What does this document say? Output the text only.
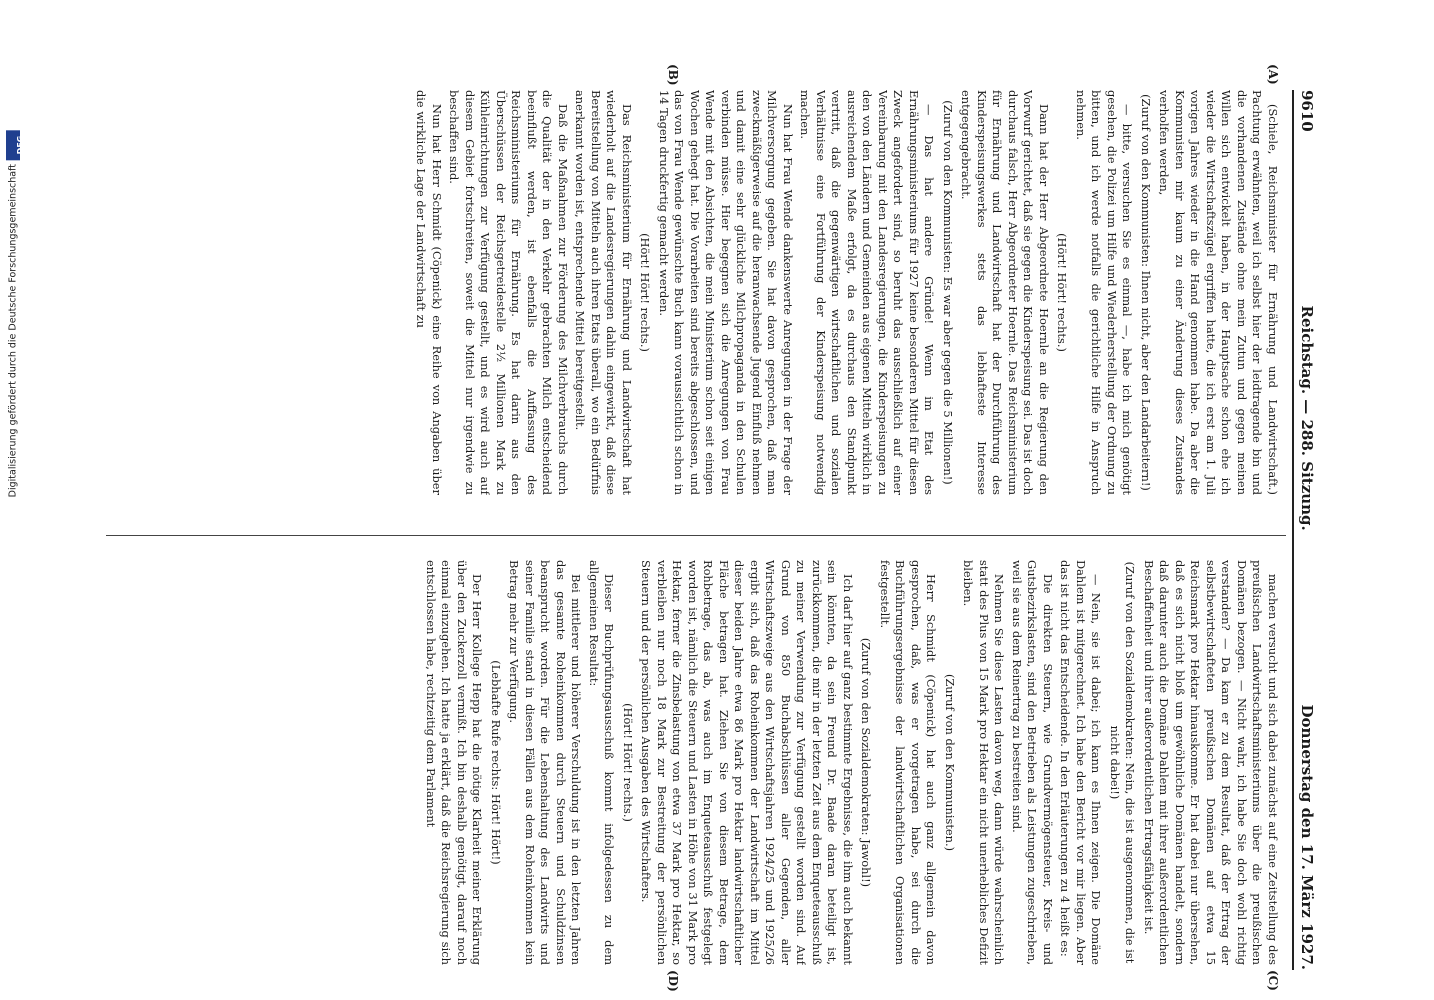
9610
Reichstag. — 288. Sitzung.
Donnerstag den 17. März 1927.
(A)
(B)
(C)
(D)

(Schiele, Reichsminister für Ernährung und Landwirtschaft.) Pachtung erwähnten, weil ich selbst hier der leidtragende bin und die vorhandenen Zustände ohne mein Zutun und gegen meinen Willen sich entwickelt haben, in der Hauptsache schon ehe ich wieder die Wirtschaftszügel ergriffen hatte, die ich erst am 1. Juli vorigen Jahres wieder in die Hand genommen habe. Da aber die Kommunisten mir kaum zu einer Änderung dieses Zustandes verholfen werden,

(Zuruf von den Kommunisten: Ihnen nicht, aber den Landarbeitern!)

— bitte, versuchen Sie es einmal —, habe ich mich genötigt gesehen, die Polizei um Hilfe und Wiederherstellung der Ordnung zu bitten, und ich werde notfalls die gerichtliche Hilfe in Anspruch nehmen.

(Hört! Hört! rechts.)

Dann hat der Herr Abgeordnete Hoernle an die Regierung den Vorwurf gerichtet, daß sie gegen die Kinderspeisung sei. Das ist doch durchaus falsch, Herr Abgeordneter Hoernle. Das Reichsministerium für Ernährung und Landwirtschaft hat der Durchführung des Kinderspeisungswerkes stets das lebhafteste Interesse entgegengebracht.

(Zuruf von den Kommunisten: Es war aber gegen die 5 Millionen!)

— Das hat andere Gründe! Wenn im Etat des Ernährungsministeriums für 1927 keine besonderen Mittel für diesen Zweck angefordert sind, so beruht das ausschließlich auf einer Vereinbarung mit den Landesregierungen, die Kinderspeisungen zu den von den Ländern und Gemeinden aus eigenen Mitteln wirklich in ausreichendem Maße erfolgt, da es durchaus den Standpunkt vertritt, daß die gegenwärtigen wirtschaftlichen und sozialen Verhältnisse eine Fortführung der Kinderspeisung notwendig machen.

Nun hat Frau Wende dankenswerte Anregungen in der Frage der Milchversorgung gegeben. Sie hat davon gesprochen, daß man zweckmäßigerweise auf die heranwachsende Jugend Einfluß nehmen und damit eine sehr glückliche Milchpropaganda in den Schulen verbinden müsse. Hier begegnen sich die Anregungen von Frau Wende mit den Absichten, die mein Ministerium schon seit einigen Wochen gehegt hat. Die Vorarbeiten sind bereits abgeschlossen, und das von Frau Wende gewünschte Buch kann voraussichtlich schon in 14 Tagen druckfertig gemacht werden.

(Hört! Hört! rechts.)

Das Reichsministerium für Ernährung und Landwirtschaft hat wiederholt auf die Landesregierungen dahin eingewirkt, daß diese Bereitstellung von Mitteln auch ihren Etats überall, wo ein Bedürfnis anerkannt worden ist, entsprechende Mittel bereitgestellt.

Daß die Maßnahmen zur Förderung des Milchverbrauchs durch die Qualität der in den Verkehr gebrachten Milch entscheidend beeinflußt werden, ist ebenfalls die Auffassung des Reichsministeriums für Ernährung. Es hat darin aus den Überschüssen der Reichsgetreidestelle 2½ Millionen Mark zu Kühleinrichtungen zur Verfügung gestellt, und es wird auch auf diesem Gebiet fortschreiten, soweit die Mittel nur irgendwie zu beschaffen sind.

Nun hat Herr Schmidt (Cöpenick) eine Reihe von Angaben über die wirkliche Lage der Landwirtschaft zu

machen versucht und sich dabei zunächst auf eine Zeitstellung des preußischen Landwirtschaftsministeriums über die preußischen Domänen bezogen. — Nicht wahr, ich habe Sie doch wohl richtig verstanden? — Da kam er zu dem Resultat, daß der Ertrag der selbstbewirtschafteten preußischen Domänen auf etwa 15 Reichsmark pro Hektar hinauskomme. Er hat dabei nur übersehen, daß es sich nicht bloß um gewöhnliche Domänen handelt, sondern daß darunter auch die Domäne Dahlem mit ihrer außerordentlichen Beschaffenheit und ihrer außerordentlichen Ertragsfähigkeit ist.

(Zuruf von den Sozialdemokraten: Nein, die ist ausgenommen, die ist nicht dabei!)

— Nein, sie ist dabei; ich kann es Ihnen zeigen. Die Domäne Dahlem ist mitgerechnet. Ich habe den Bericht vor mir liegen. Aber das ist nicht das Entscheidende. In den Erläuterungen zu 4 heißt es:

Die direkten Steuern, wie Grundvermögensteuer, Kreis- und Gutsbezirkslasten, sind den Betrieben als Leistungen zugeschrieben, weil sie aus dem Reinertrag zu bestreiten sind.

Nehmen Sie diese Lasten davon weg, dann würde wahrscheinlich statt des Plus von 15 Mark pro Hektar ein nicht unerhebliches Defizit bleiben.

(Zuruf von den Kommunisten.)

Herr Schmidt (Cöpenick) hat auch ganz allgemein davon gesprochen, daß, was er vorgetragen habe, sei durch die Buchführungsergebnisse der landwirtschaftlichen Organisationen festgestellt.

(Zuruf von den Sozialdemokraten: Jawohl!)

Ich darf hier auf ganz bestimmte Ergebnisse, die ihm auch bekannt sein könnten, da sein Freund Dr. Baade daran beteiligt ist, zurückkommen, die mir in der letzten Zeit aus dem Enqueteausschuß zu meiner Verwendung zur Verfügung gestellt worden sind. Auf Grund von 850 Buchabschlüssen aller Gegenden, aller Wirtschaftszweige aus den Wirtschaftsjahren 1924/25 und 1925/26 ergibt sich, daß das Roheinkommen der Landwirtschaft im Mittel dieser beiden Jahre etwa 86 Mark pro Hektar landwirtschaftlicher Fläche betragen hat. Ziehen Sie von diesem Betrage, dem Rohbetrage, das ab, was auch im Enqueteausschuß festgelegt worden ist, nämlich die Steuern und Lasten in Höhe von 31 Mark pro Hektar, ferner die Zinsbelastung von etwa 37 Mark pro Hektar, so verbleiben nur noch 18 Mark zur Bestreitung der persönlichen Steuern und der persönlichen Ausgaben des Wirtschafters.

(Hört! Hört! rechts.)

Dieser Buchprüfungsausschuß kommt infolgedessen zu dem allgemeinen Resultat:

Bei mittlerer und höherer Verschuldung ist in den letzten Jahren das gesamte Roheinkommen durch Steuern und Schuldzinsen beansprucht worden. Für die Lebenshaltung des Landwirts und seiner Familie stand in diesen Fällen aus dem Roheinkommen kein Betrag mehr zur Verfügung.

(Lebhafte Rufe rechts: Hört! Hört!)

Der Herr Kollege Hepp hat die nötige Klarheit meiner Erklärung über den Zuckerzoll vermißt. Ich bin deshalb genötigt, darauf noch einmal einzugehen. Ich hatte ja erklärt, daß die Reichsregierung sich entschlossen habe, rechtzeitig dem Parlament

Digitalisierung gefördert durch die Deutsche Forschungsgemeinschaft
DFG
